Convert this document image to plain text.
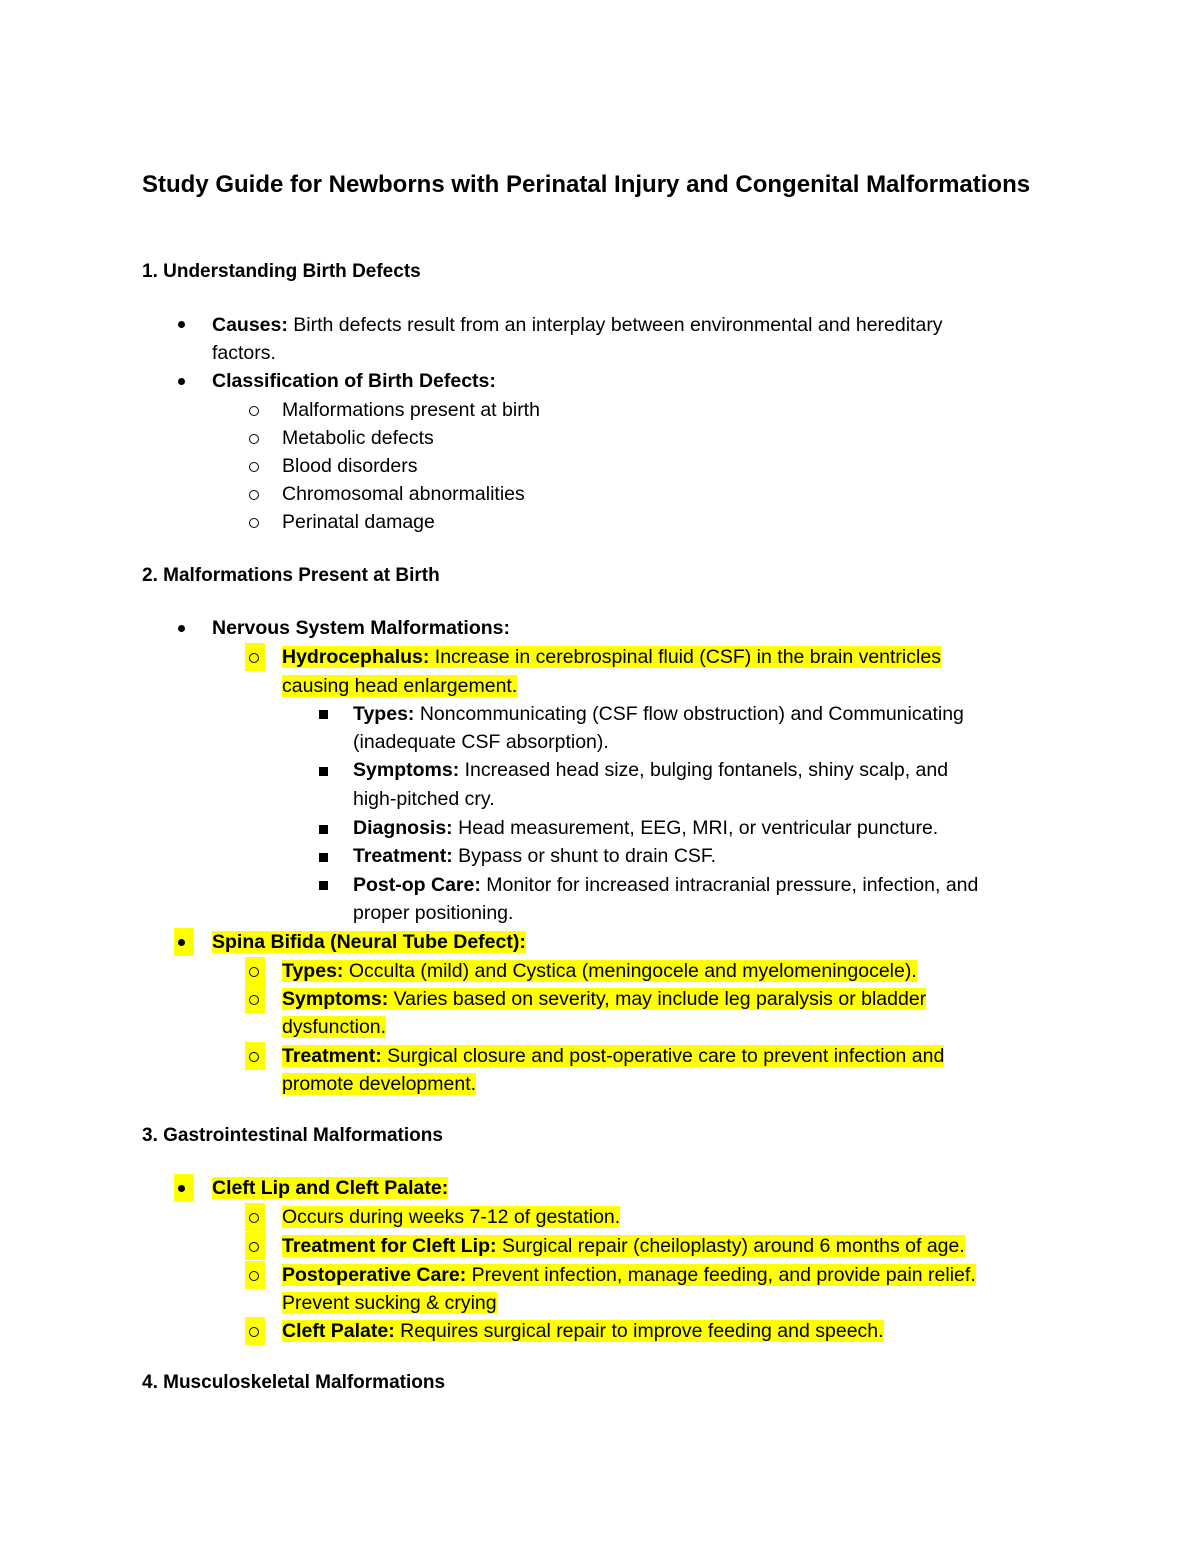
Study Guide for Newborns with Perinatal Injury and Congenital Malformations
1. Understanding Birth Defects
Causes: Birth defects result from an interplay between environmental and hereditary
factors.
Classification of Birth Defects:
Malformations present at birth
Metabolic defects
Blood disorders
Chromosomal abnormalities
Perinatal damage
2. Malformations Present at Birth
Nervous System Malformations:
Hydrocephalus: Increase in cerebrospinal fluid (CSF) in the brain ventricles
causing head enlargement.
Types: Noncommunicating (CSF flow obstruction) and Communicating
(inadequate CSF absorption).
Symptoms: Increased head size, bulging fontanels, shiny scalp, and
high-pitched cry.
Diagnosis: Head measurement, EEG, MRI, or ventricular puncture.
Treatment: Bypass or shunt to drain CSF.
Post-op Care: Monitor for increased intracranial pressure, infection, and
proper positioning.
Spina Bifida (Neural Tube Defect):
Types: Occulta (mild) and Cystica (meningocele and myelomeningocele).
Symptoms: Varies based on severity, may include leg paralysis or bladder
dysfunction.
Treatment: Surgical closure and post-operative care to prevent infection and
promote development.
3. Gastrointestinal Malformations
Cleft Lip and Cleft Palate:
Occurs during weeks 7-12 of gestation.
Treatment for Cleft Lip: Surgical repair (cheiloplasty) around 6 months of age.
Postoperative Care: Prevent infection, manage feeding, and provide pain relief.
Prevent sucking & crying
Cleft Palate: Requires surgical repair to improve feeding and speech.
4. Musculoskeletal Malformations
